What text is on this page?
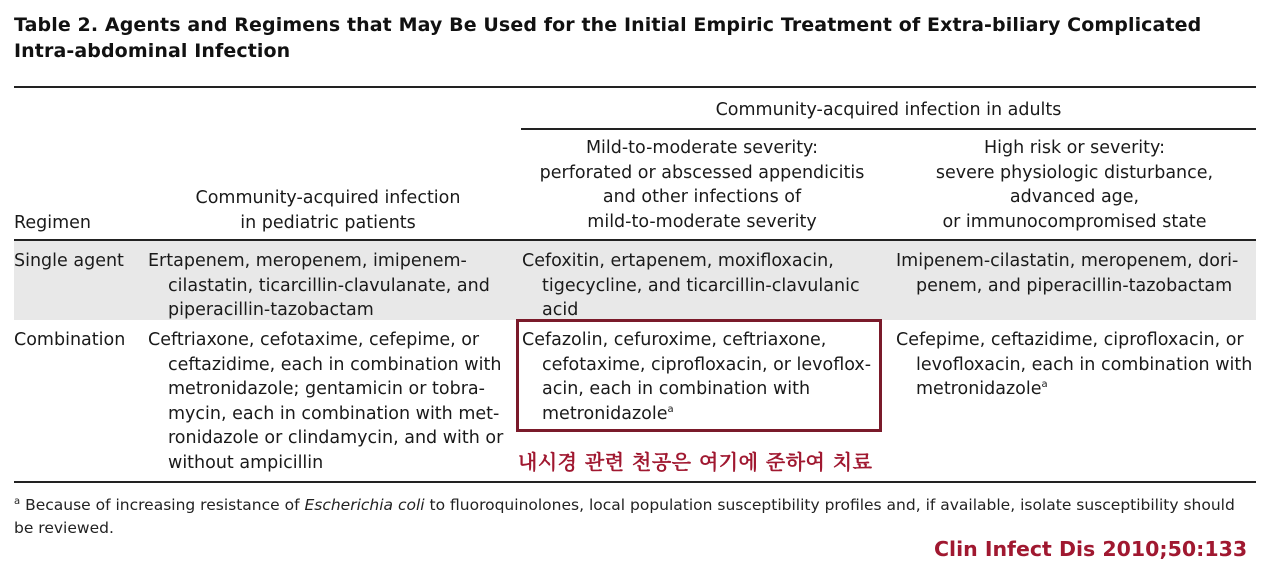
Table 2. Agents and Regimens that May Be Used for the Initial Empiric Treatment of Extra-biliary Complicated Intra-abdominal Infection
Community-acquired infection in adults
Regimen
Community-acquired infection
in pediatric patients
Mild-to-moderate severity:
perforated or abscessed appendicitis
and other infections of
mild-to-moderate severity
High risk or severity:
severe physiologic disturbance,
advanced age,
or immunocompromised state
Single agent Ertapenem, meropenem, imipenem-cilastatin, ticarcillin-clavulanate, and piperacillin-tazobactam
Cefoxitin, ertapenem, moxifloxacin, tigecycline, and ticarcillin-clavulanic acid
Imipenem-cilastatin, meropenem, dori-penem, and piperacillin-tazobactam
Combination Ceftriaxone, cefotaxime, cefepime, or ceftazidime, each in combination with metronidazole; gentamicin or tobra-mycin, each in combination with met-ronidazole or clindamycin, and with or without ampicillin
Cefazolin, cefuroxime, ceftriaxone, cefotaxime, ciprofloxacin, or levoflox-acin, each in combination with metronidazole$^a$
Cefepime, ceftazidime, ciprofloxacin, or levofloxacin, each in combination with metronidazole$^a$
내시경 관련 천공은 여기에 준하여 치료
$^a$ Because of increasing resistance of Escherichia coli to fluoroquinolones, local population susceptibility profiles and, if available, isolate susceptibility should be reviewed.
Clin Infect Dis 2010;50:133
